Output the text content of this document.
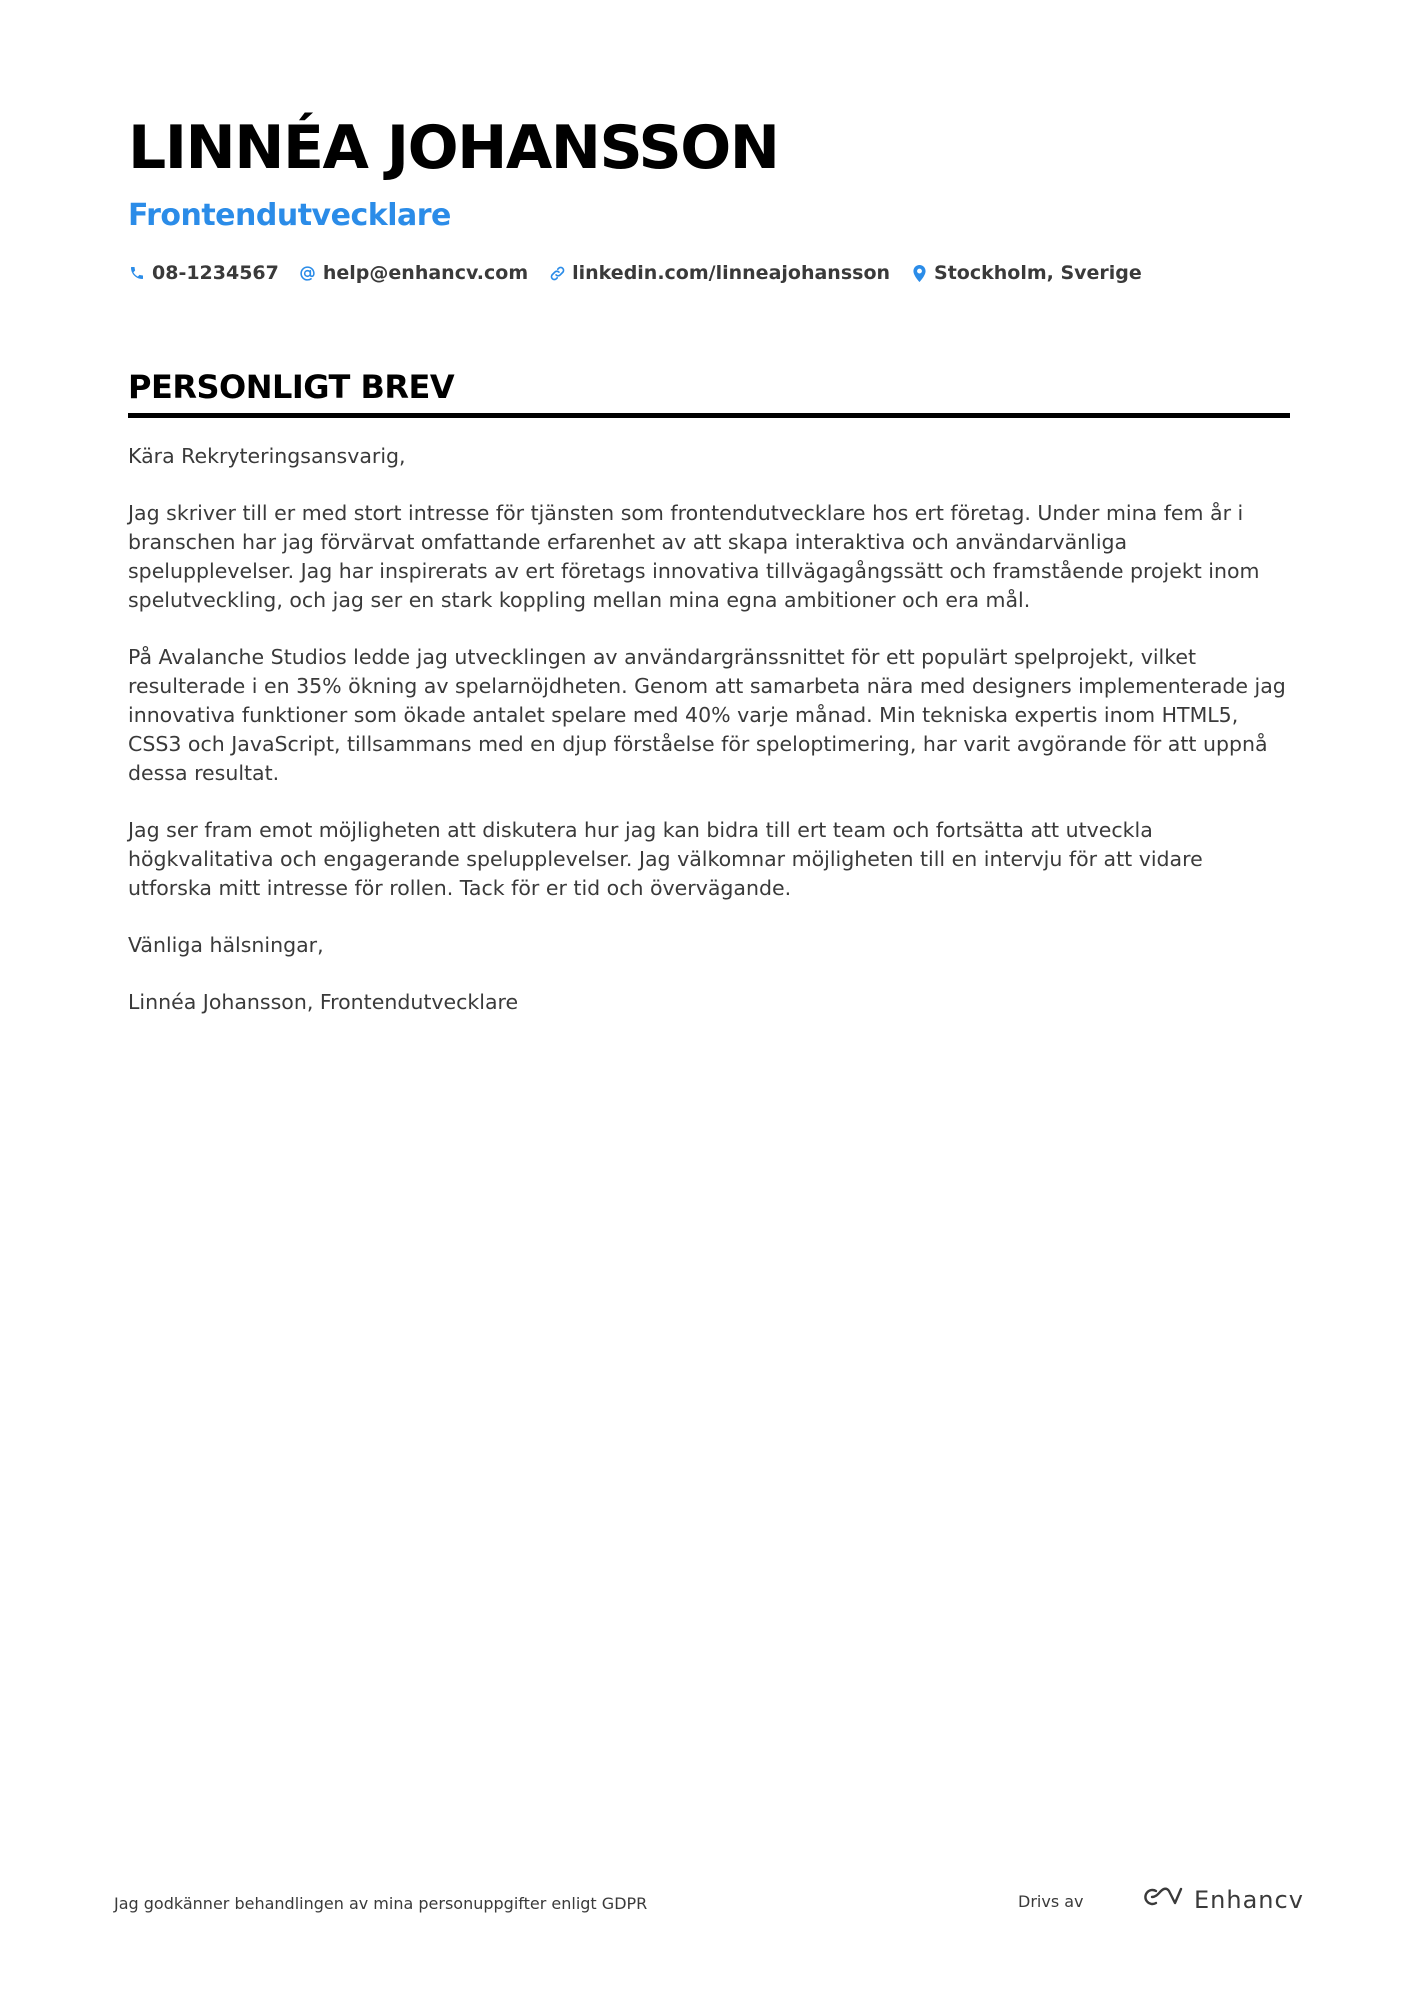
LINNÉA JOHANSSON
Frontendutvecklare
08-1234567 help@enhancv.com linkedin.com/linneajohansson Stockholm, Sverige
PERSONLIGT BREV

Kära Rekryteringsansvarig,

Jag skriver till er med stort intresse för tjänsten som frontendutvecklare hos ert företag. Under mina fem år i branschen har jag förvärvat omfattande erfarenhet av att skapa interaktiva och användarvänliga spelupplevelser. Jag har inspirerats av ert företags innovativa tillvägagångssätt och framstående projekt inom spelutveckling, och jag ser en stark koppling mellan mina egna ambitioner och era mål.

På Avalanche Studios ledde jag utvecklingen av användargränssnittet för ett populärt spelprojekt, vilket resulterade i en 35% ökning av spelarnöjdheten. Genom att samarbeta nära med designers implementerade jag innovativa funktioner som ökade antalet spelare med 40% varje månad. Min tekniska expertis inom HTML5, CSS3 och JavaScript, tillsammans med en djup förståelse för speloptimering, har varit avgörande för att uppnå dessa resultat.

Jag ser fram emot möjligheten att diskutera hur jag kan bidra till ert team och fortsätta att utveckla högkvalitativa och engagerande spelupplevelser. Jag välkomnar möjligheten till en intervju för att vidare utforska mitt intresse för rollen. Tack för er tid och övervägande.

Vänliga hälsningar,

Linnéa Johansson, Frontendutvecklare

Jag godkänner behandlingen av mina personuppgifter enligt GDPR	Drivs av	Enhancv
